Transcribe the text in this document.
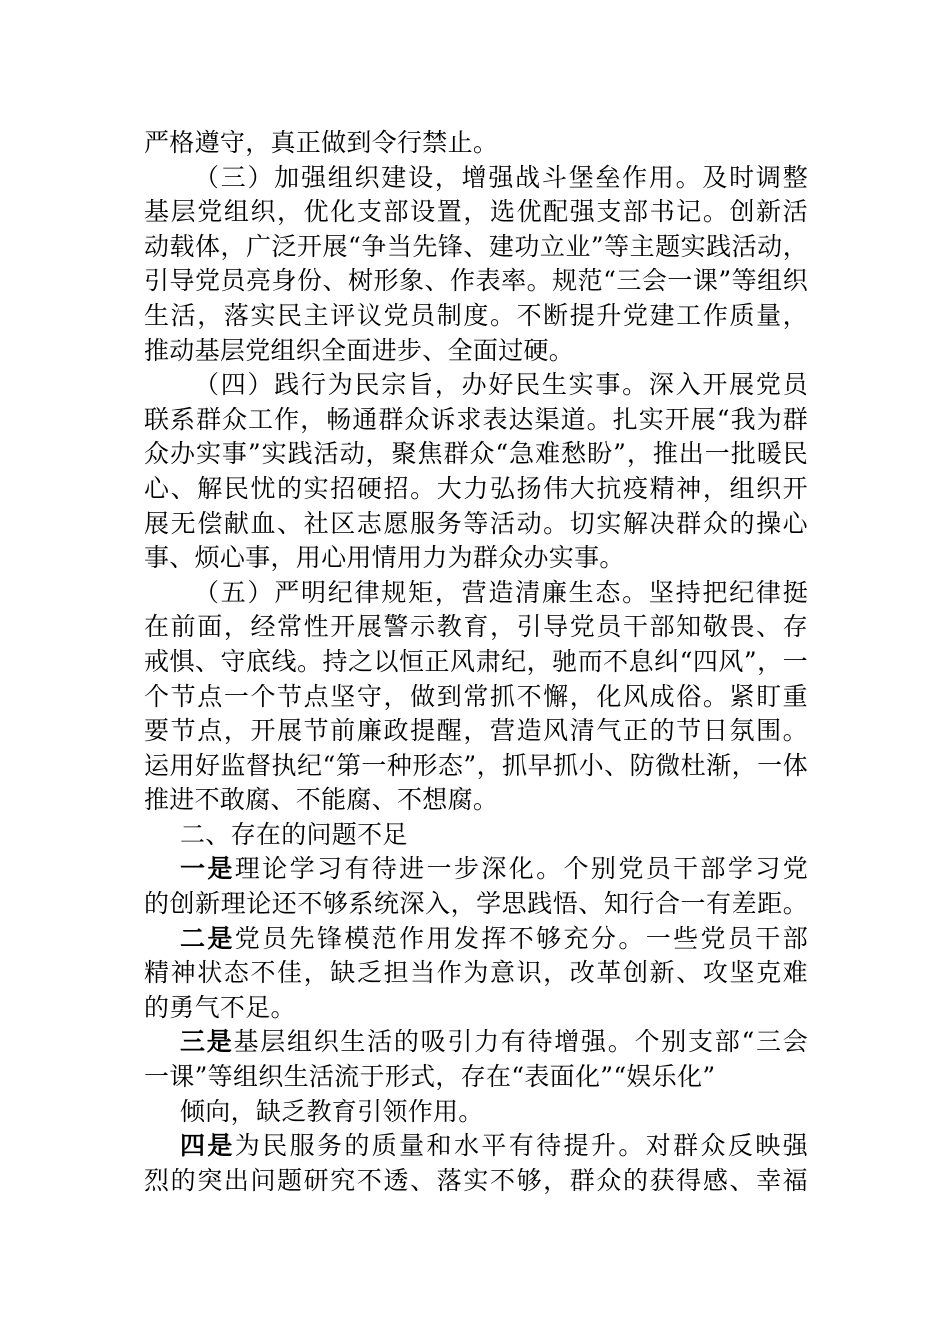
严格遵守，真正做到令行禁止。
（三）加强组织建设，增强战斗堡垒作用。及时调整
基层党组织，优化支部设置，选优配强支部书记。创新活
动载体，广泛开展“争当先锋、建功立业”等主题实践活动，
引导党员亮身份、树形象、作表率。规范“三会一课”等组织
生活，落实民主评议党员制度。不断提升党建工作质量，
推动基层党组织全面进步、全面过硬。
（四）践行为民宗旨，办好民生实事。深入开展党员
联系群众工作，畅通群众诉求表达渠道。扎实开展“我为群
众办实事”实践活动，聚焦群众“急难愁盼”，推出一批暖民
心、解民忧的实招硬招。大力弘扬伟大抗疫精神，组织开
展无偿献血、社区志愿服务等活动。切实解决群众的操心
事、烦心事，用心用情用力为群众办实事。
（五）严明纪律规矩，营造清廉生态。坚持把纪律挺
在前面，经常性开展警示教育，引导党员干部知敬畏、存
戒惧、守底线。持之以恒正风肃纪，驰而不息纠“四风”，一
个节点一个节点坚守，做到常抓不懈，化风成俗。紧盯重
要节点，开展节前廉政提醒，营造风清气正的节日氛围。
运用好监督执纪“第一种形态”，抓早抓小、防微杜渐，一体
推进不敢腐、不能腐、不想腐。
二、存在的问题不足
一是理论学习有待进一步深化。个别党员干部学习党
的创新理论还不够系统深入，学思践悟、知行合一有差距。
二是党员先锋模范作用发挥不够充分。一些党员干部
精神状态不佳，缺乏担当作为意识，改革创新、攻坚克难
的勇气不足。
三是基层组织生活的吸引力有待增强。个别支部“三会
一课”等组织生活流于形式，存在“表面化”“娱乐化”
倾向，缺乏教育引领作用。
四是为民服务的质量和水平有待提升。对群众反映强
烈的突出问题研究不透、落实不够，群众的获得感、幸福
